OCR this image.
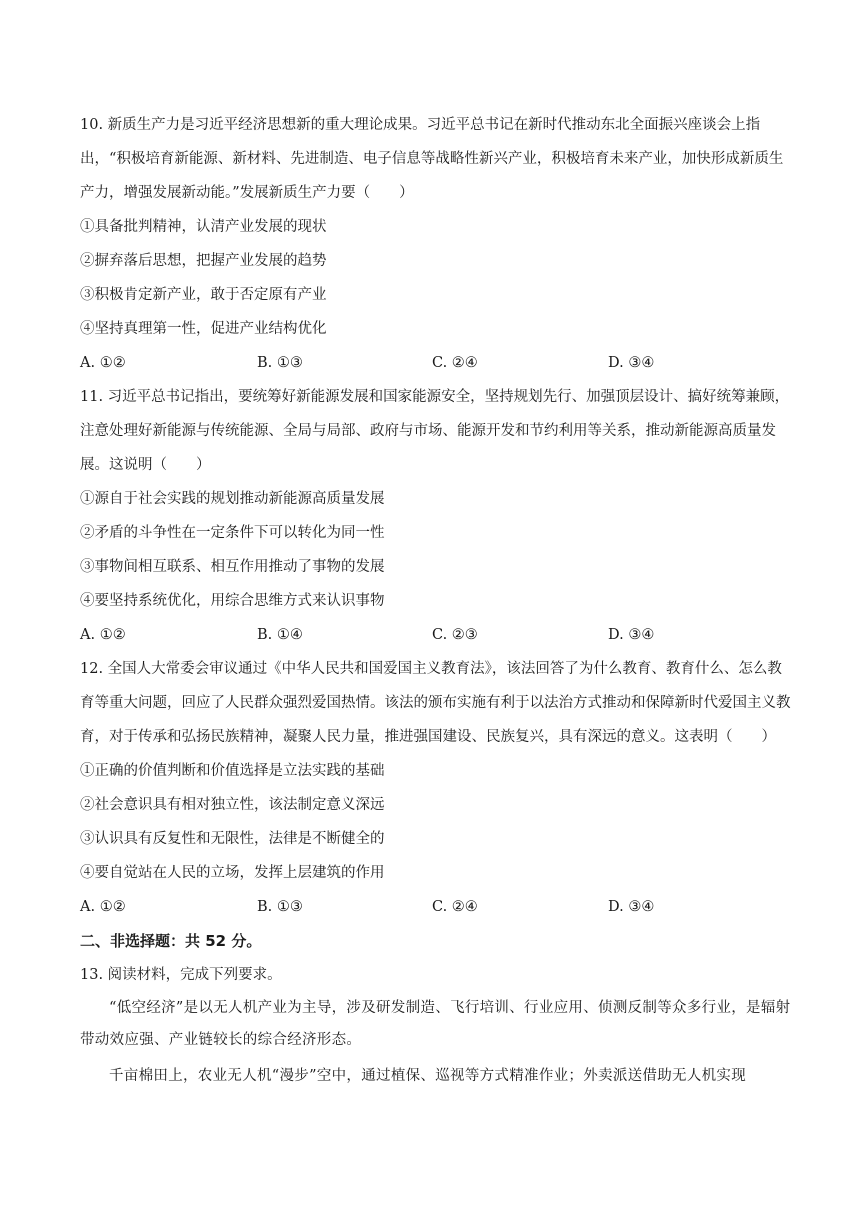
10. 新质生产力是习近平经济思想新的重大理论成果。习近平总书记在新时代推动东北全面振兴座谈会上指出，“积极培育新能源、新材料、先进制造、电子信息等战略性新兴产业，积极培育未来产业，加快形成新质生产力，增强发展新动能。”发展新质生产力要（　　）

①具备批判精神，认清产业发展的现状

②摒弃落后思想，把握产业发展的趋势

③积极肯定新产业，敢于否定原有产业

④坚持真理第一性，促进产业结构优化

A. ①②	B. ①③	C. ②④	D. ③④

11. 习近平总书记指出，要统筹好新能源发展和国家能源安全，坚持规划先行、加强顶层设计、搞好统筹兼顾，注意处理好新能源与传统能源、全局与局部、政府与市场、能源开发和节约利用等关系，推动新能源高质量发展。这说明（　　）

①源自于社会实践的规划推动新能源高质量发展

②矛盾的斗争性在一定条件下可以转化为同一性

③事物间相互联系、相互作用推动了事物的发展

④要坚持系统优化，用综合思维方式来认识事物

A. ①②	B. ①④	C. ②③	D. ③④

12. 全国人大常委会审议通过《中华人民共和国爱国主义教育法》，该法回答了为什么教育、教育什么、怎么教育等重大问题，回应了人民群众强烈爱国热情。该法的颁布实施有利于以法治方式推动和保障新时代爱国主义教育，对于传承和弘扬民族精神，凝聚人民力量，推进强国建设、民族复兴，具有深远的意义。这表明（　　）

①正确的价值判断和价值选择是立法实践的基础

②社会意识具有相对独立性，该法制定意义深远

③认识具有反复性和无限性，法律是不断健全的

④要自觉站在人民的立场，发挥上层建筑的作用

A. ①②	B. ①③	C. ②④	D. ③④

二、非选择题：共 52 分。

13. 阅读材料，完成下列要求。

“低空经济”是以无人机产业为主导，涉及研发制造、飞行培训、行业应用、侦测反制等众多行业，是辐射带动效应强、产业链较长的综合经济形态。

千亩棉田上，农业无人机“漫步”空中，通过植保、巡视等方式精准作业；外卖派送借助无人机实现
